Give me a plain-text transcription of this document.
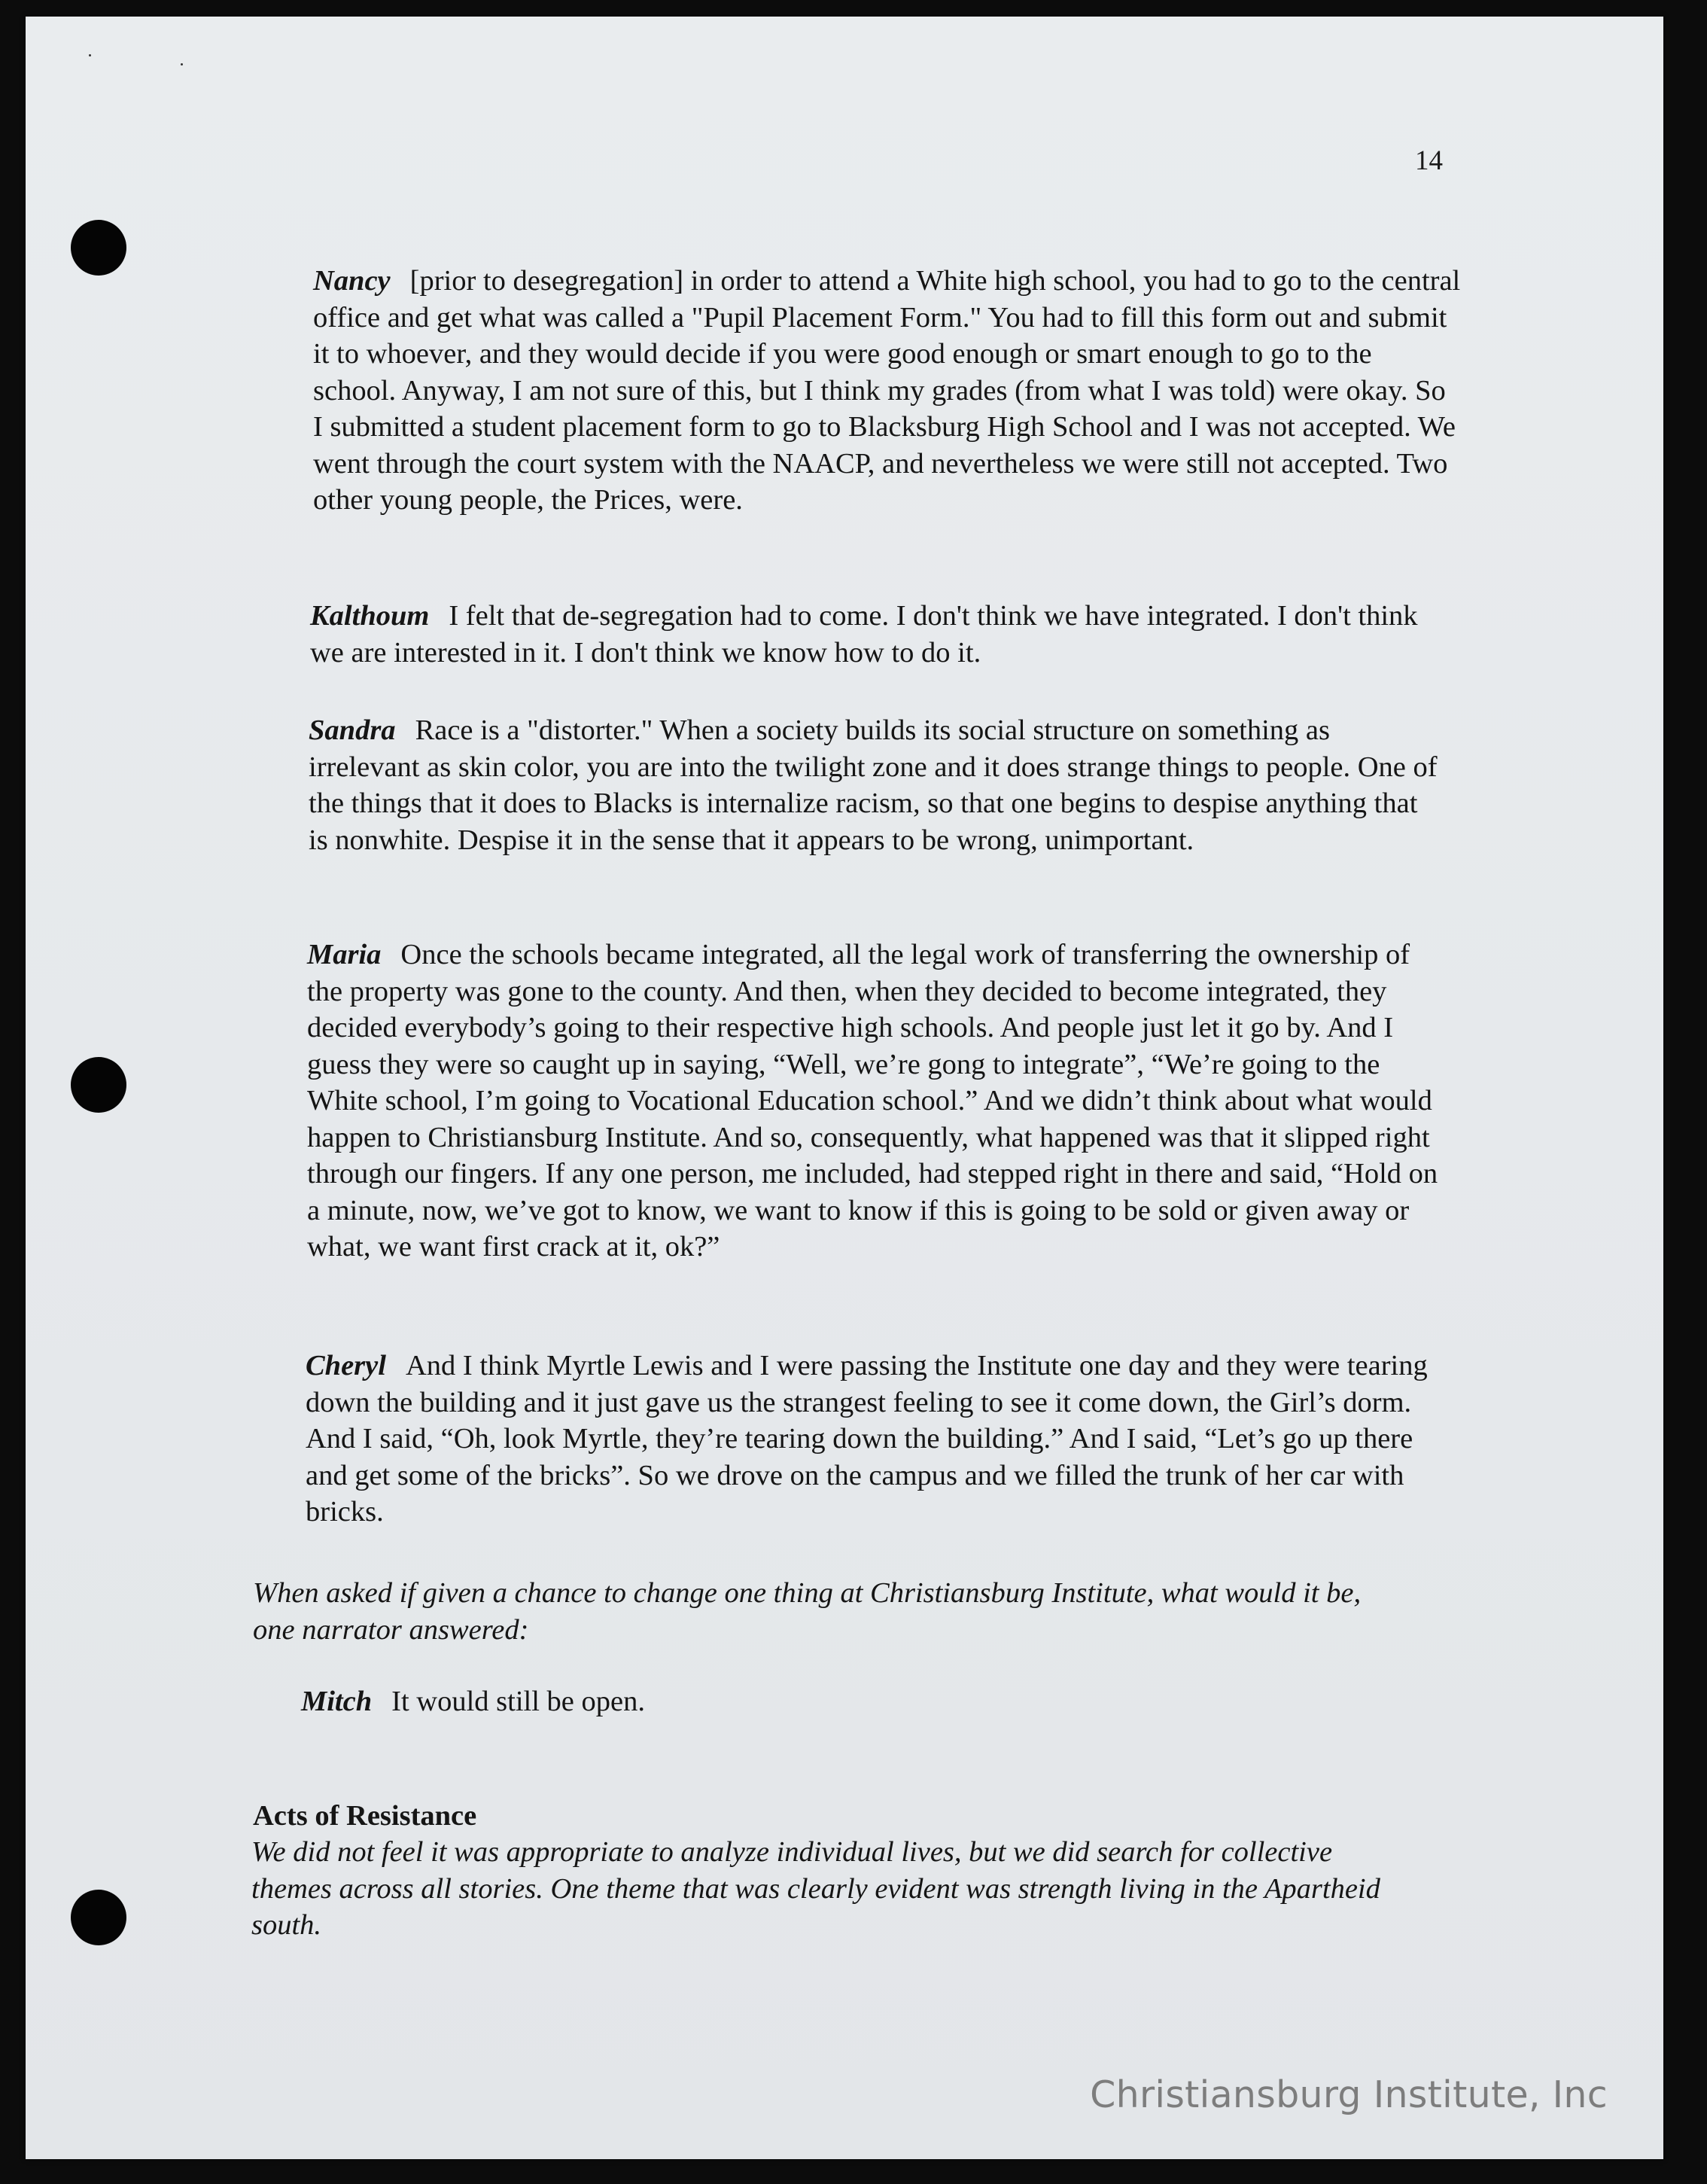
14

Nancy [prior to desegregation] in order to attend a White high school, you had to go to the central office and get what was called a "Pupil Placement Form." You had to fill this form out and submit it to whoever, and they would decide if you were good enough or smart enough to go to the school. Anyway, I am not sure of this, but I think my grades (from what I was told) were okay. So I submitted a student placement form to go to Blacksburg High School and I was not accepted. We went through the court system with the NAACP, and nevertheless we were still not accepted. Two other young people, the Prices, were.

Kalthoum I felt that de-segregation had to come. I don't think we have integrated. I don't think we are interested in it. I don't think we know how to do it.

Sandra Race is a "distorter." When a society builds its social structure on something as irrelevant as skin color, you are into the twilight zone and it does strange things to people. One of the things that it does to Blacks is internalize racism, so that one begins to despise anything that is nonwhite. Despise it in the sense that it appears to be wrong, unimportant.

Maria Once the schools became integrated, all the legal work of transferring the ownership of the property was gone to the county. And then, when they decided to become integrated, they decided everybody’s going to their respective high schools. And people just let it go by. And I guess they were so caught up in saying, “Well, we’re gong to integrate”, “We’re going to the White school, I’m going to Vocational Education school.” And we didn’t think about what would happen to Christiansburg Institute. And so, consequently, what happened was that it slipped right through our fingers. If any one person, me included, had stepped right in there and said, “Hold on a minute, now, we’ve got to know, we want to know if this is going to be sold or given away or what, we want first crack at it, ok?”

Cheryl And I think Myrtle Lewis and I were passing the Institute one day and they were tearing down the building and it just gave us the strangest feeling to see it come down, the Girl’s dorm. And I said, “Oh, look Myrtle, they’re tearing down the building.” And I said, “Let’s go up there and get some of the bricks”. So we drove on the campus and we filled the trunk of her car with bricks.

When asked if given a chance to change one thing at Christiansburg Institute, what would it be, one narrator answered:

Mitch It would still be open.

Acts of Resistance

We did not feel it was appropriate to analyze individual lives, but we did search for collective themes across all stories. One theme that was clearly evident was strength living in the Apartheid south.

Christiansburg Institute, Inc
